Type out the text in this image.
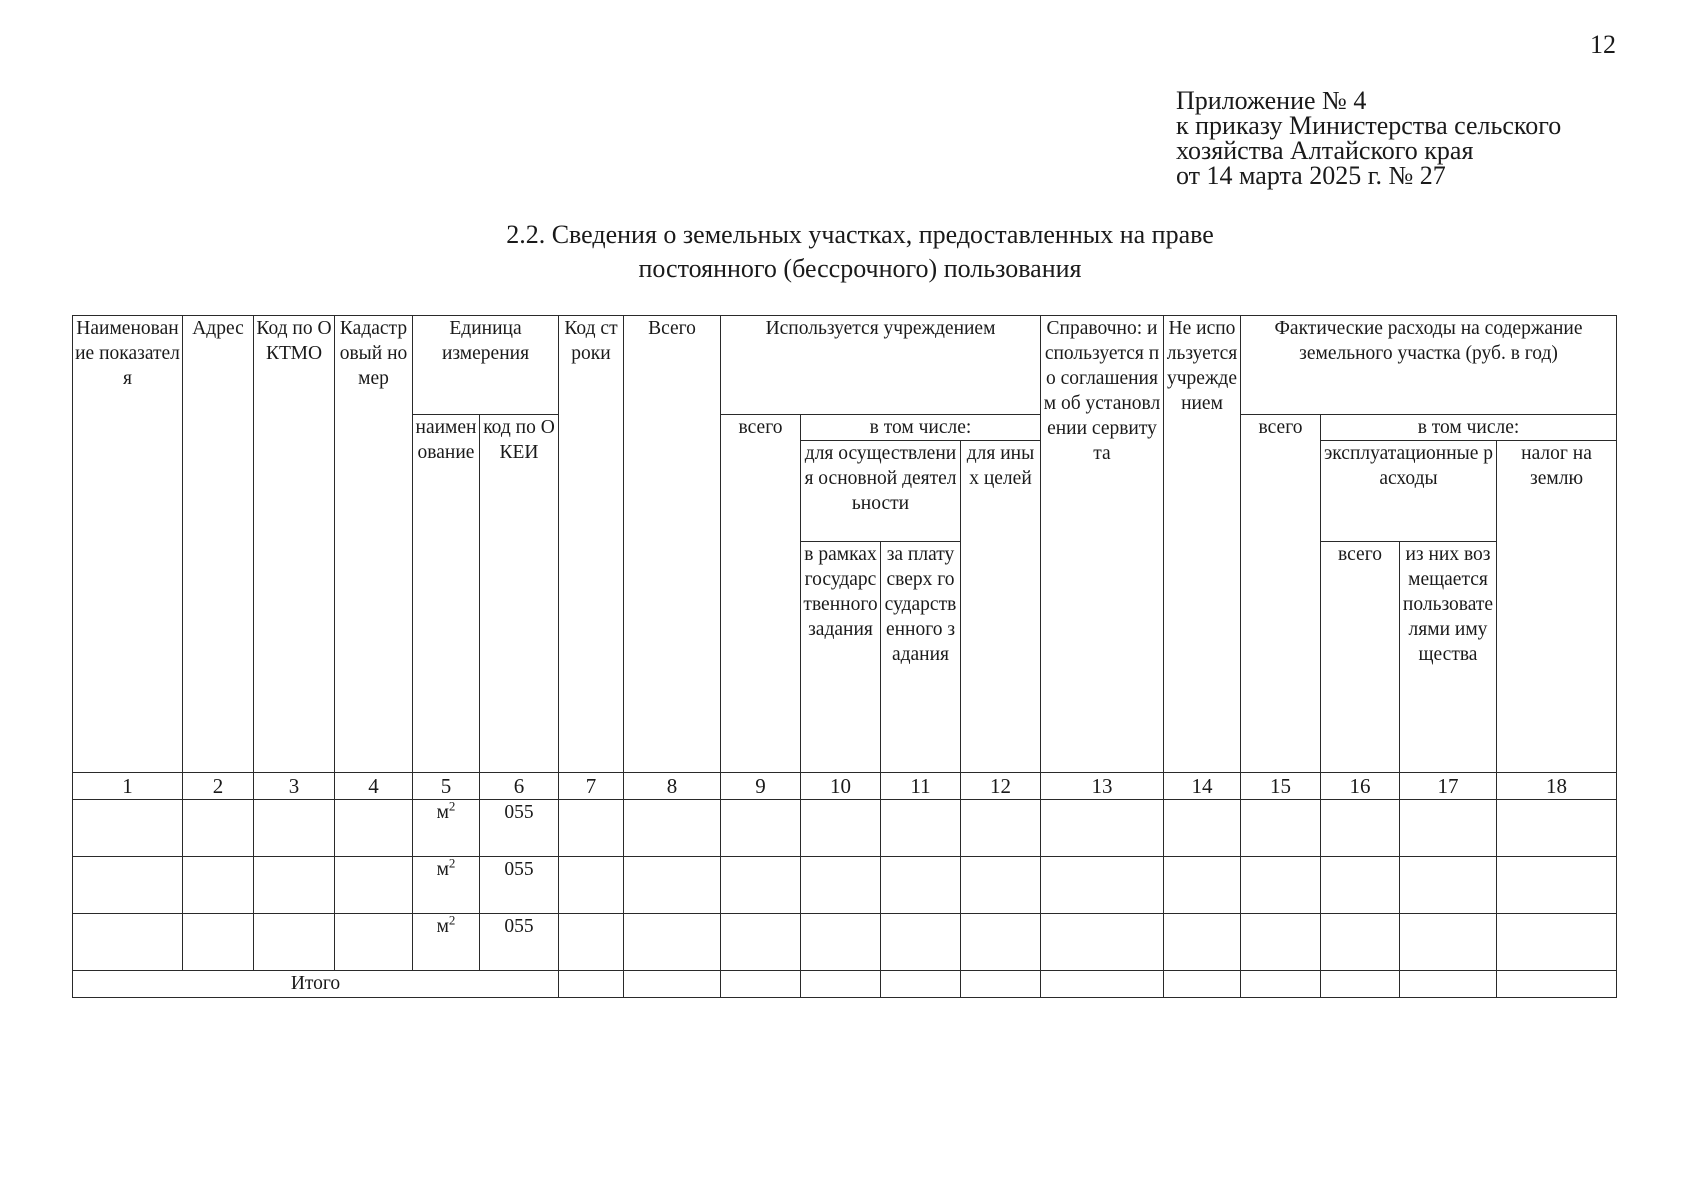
12
Приложение № 4
к приказу Министерства сельского
хозяйства Алтайского края
от 14 марта 2025 г. № 27
2.2. Сведения о земельных участках, предоставленных на праве
постоянного (бессрочного) пользования
Наименование показателя	Адрес	Код по ОКТМО	Кадастровый номер	Единица измерения		Код строки	Всего	Используется учреждением				Справочно: используется по соглашениям об установлении сервитута	Не используется учреждением	Фактические расходы на содержание земельного участка (руб. в год)			
				наименование	код по ОКЕИ			всего	в том числе:					всего	в том числе:		
									для осуществления основной деятельности		для иных целей				эксплуатационные расходы		налог на землю
									в рамках государственного задания	за плату сверх государственного задания					всего	из них возмещается пользователями имущества	
1	2	3	4	5	6	7	8	9	10	11	12	13	14	15	16	17	18
				$м^2$	055												
				$м^2$	055												
				$м^2$	055												
Итого																	
